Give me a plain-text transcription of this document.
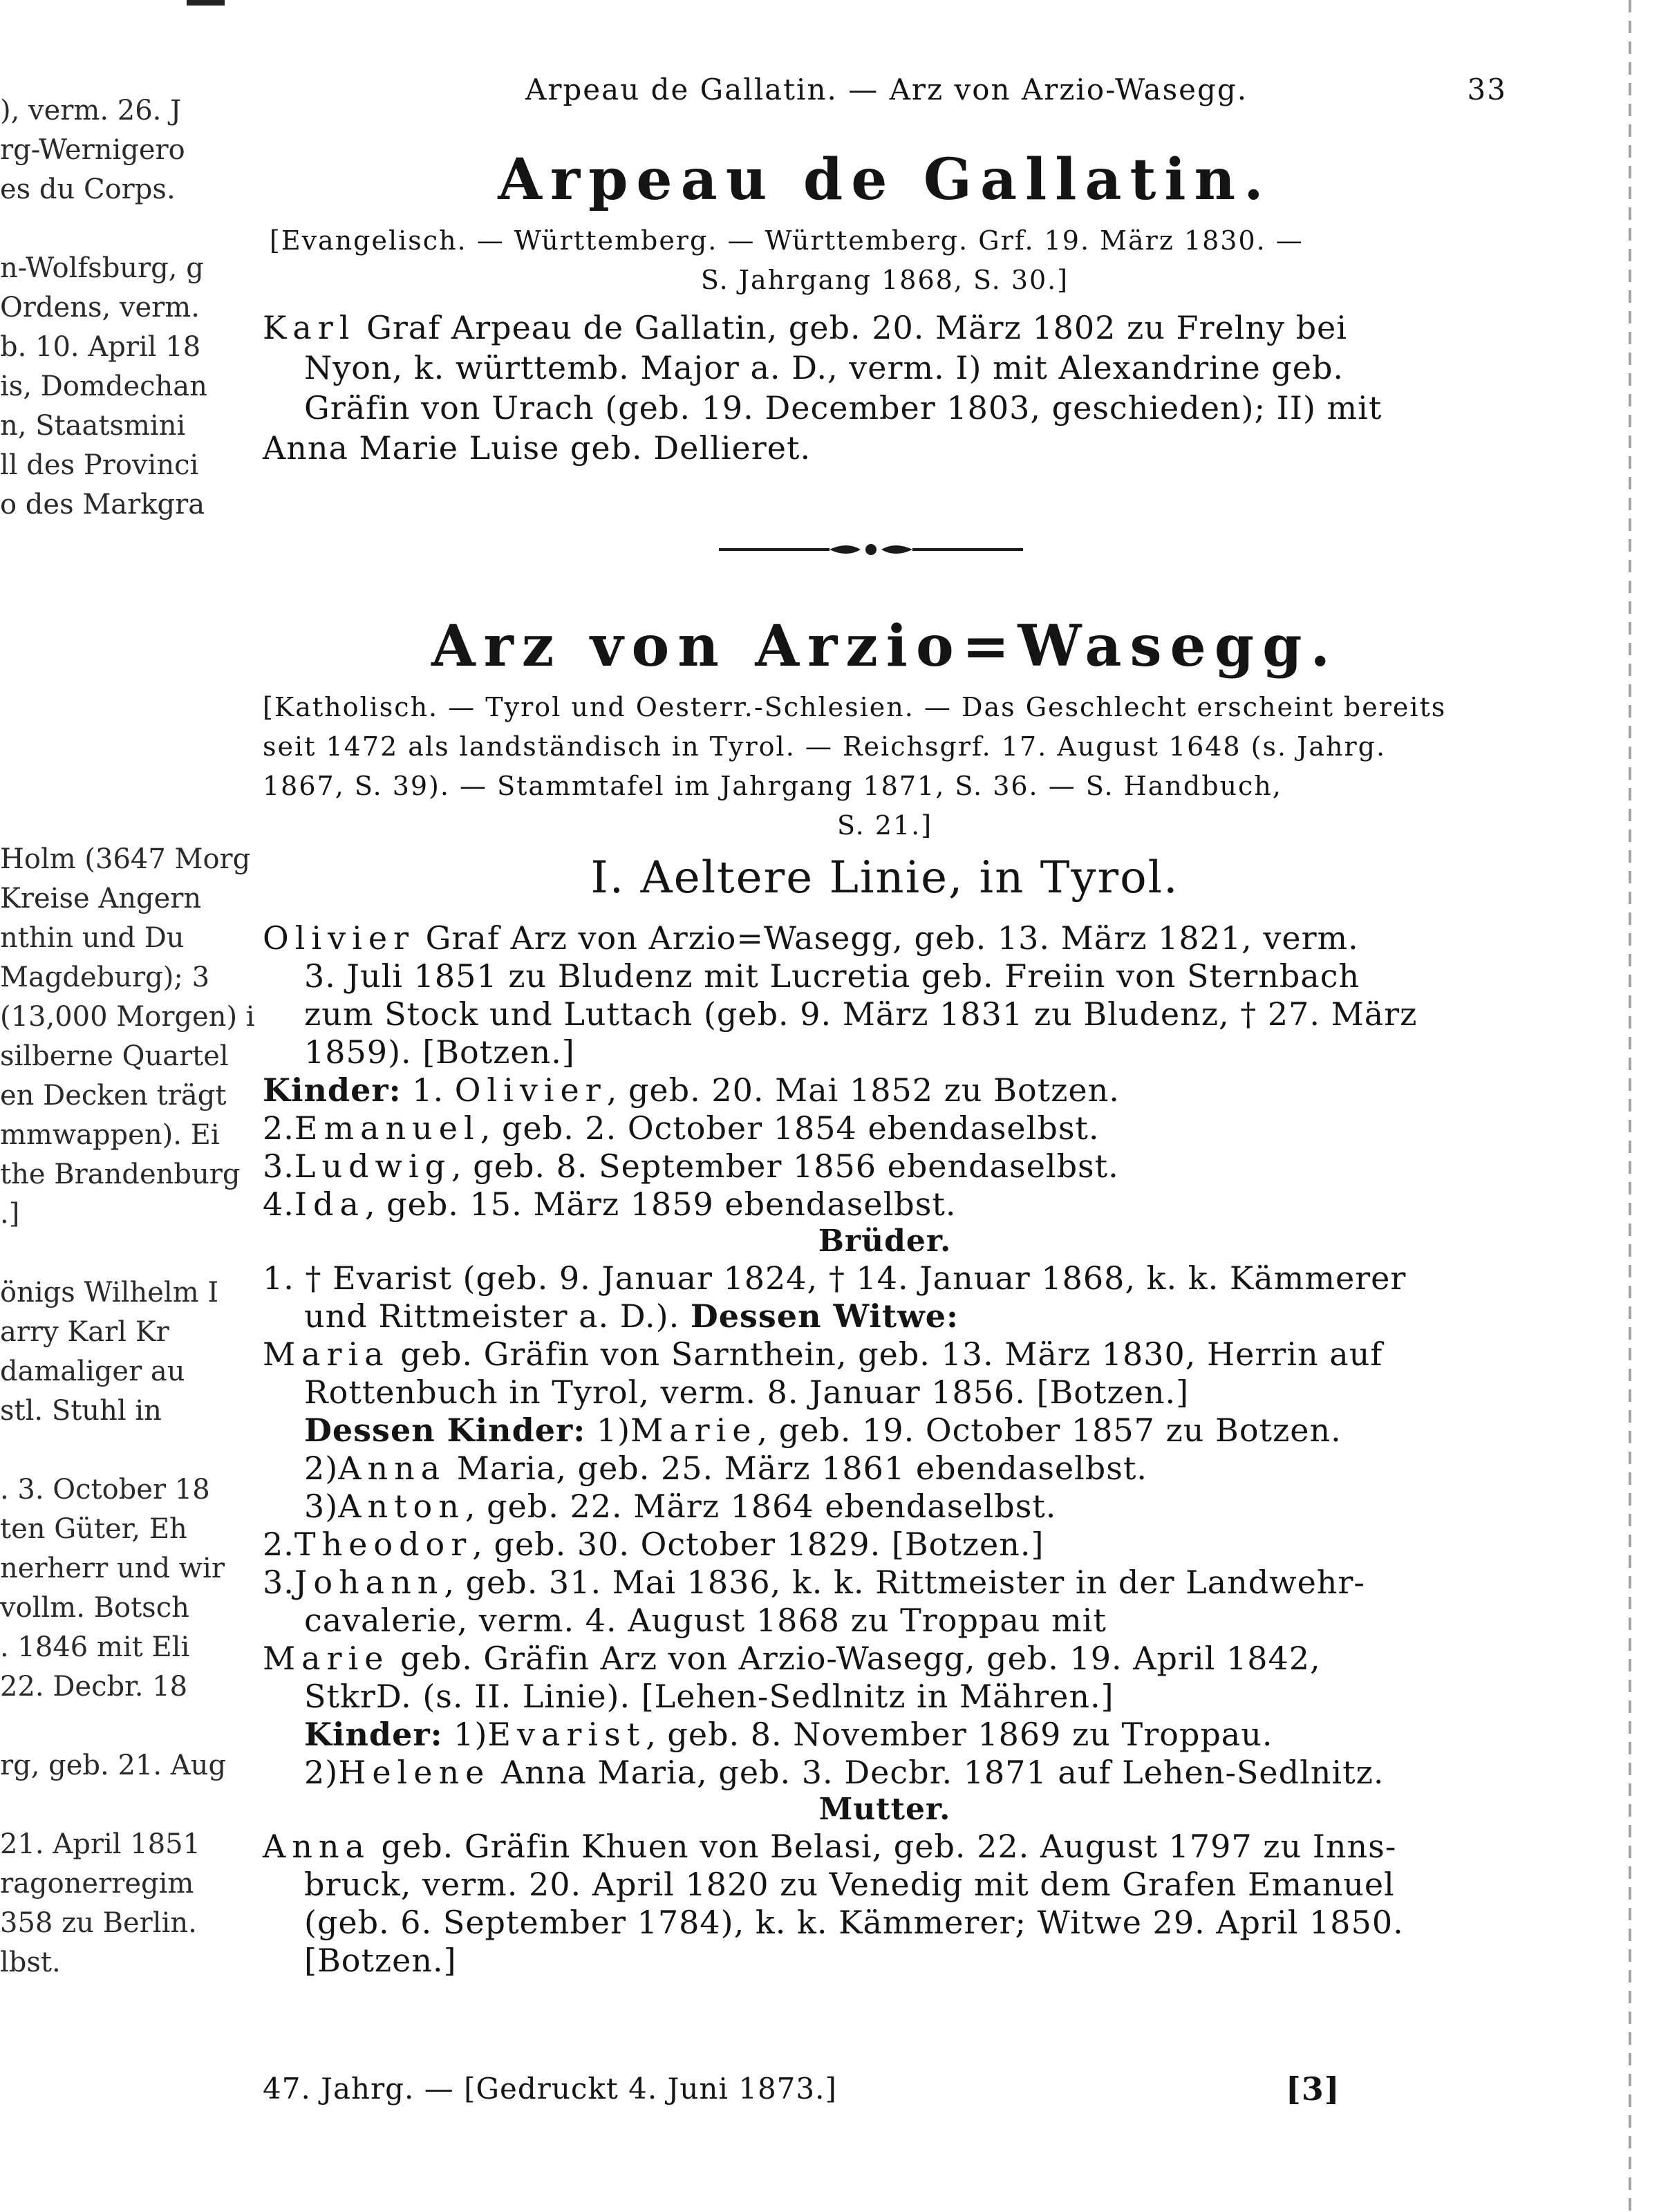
), verm. 26. J
rg-Wernigero
es du Corps.
n-Wolfsburg, g
Ordens, verm.
b. 10. April 18
is, Domdechan
n, Staatsmini
ll des Provinci
o des Markgra
Holm (3647 Morg
Kreise Angern
nthin und Du
Magdeburg); 3
(13,000 Morgen) i
silberne Quartel
en Decken trägt
mmwappen). Ei
the Brandenburg
.]
önigs Wilhelm I
arry Karl Kr
damaliger au
stl. Stuhl in
. 3. October 18
ten Güter, Eh
nerherr und wir
vollm. Botsch
. 1846 mit Eli
22. Decbr. 18
rg, geb. 21. Aug
21. April 1851
ragonerregim
358 zu Berlin.
lbst.
Arpeau de Gallatin. — Arz von Arzio-Wasegg.	33
Arpeau de Gallatin.
[Evangelisch. — Württemberg. — Württemberg. Grf. 19. März 1830. —
S. Jahrgang 1868, S. 30.]
Karl Graf Arpeau de Gallatin, geb. 20. März 1802 zu Frelny bei
Nyon, k. württemb. Major a. D., verm. I) mit Alexandrine geb.
Gräfin von Urach (geb. 19. December 1803, geschieden); II) mit
Anna Marie Luise geb. Dellieret.
Arz von Arzio=Wasegg.
[Katholisch. — Tyrol und Oesterr.-Schlesien. — Das Geschlecht erscheint bereits
seit 1472 als landständisch in Tyrol. — Reichsgrf. 17. August 1648 (s. Jahrg.
1867, S. 39). — Stammtafel im Jahrgang 1871, S. 36. — S. Handbuch,
S. 21.]
I. Aeltere Linie, in Tyrol.
Olivier Graf Arz von Arzio=Wasegg, geb. 13. März 1821, verm.
3. Juli 1851 zu Bludenz mit Lucretia geb. Freiin von Sternbach
zum Stock und Luttach (geb. 9. März 1831 zu Bludenz, † 27. März
1859). [Botzen.]
Kinder: 1. Olivier, geb. 20. Mai 1852 zu Botzen.
2.Emanuel, geb. 2. October 1854 ebendaselbst.
3.Ludwig, geb. 8. September 1856 ebendaselbst.
4.Ida, geb. 15. März 1859 ebendaselbst.
Brüder.
1. † Evarist (geb. 9. Januar 1824, † 14. Januar 1868, k. k. Kämmerer
und Rittmeister a. D.). Dessen Witwe:
Maria geb. Gräfin von Sarnthein, geb. 13. März 1830, Herrin auf
Rottenbuch in Tyrol, verm. 8. Januar 1856. [Botzen.]
Dessen Kinder: 1)Marie, geb. 19. October 1857 zu Botzen.
2)Anna Maria, geb. 25. März 1861 ebendaselbst.
3)Anton, geb. 22. März 1864 ebendaselbst.
2.Theodor, geb. 30. October 1829. [Botzen.]
3.Johann, geb. 31. Mai 1836, k. k. Rittmeister in der Landwehr-
cavalerie, verm. 4. August 1868 zu Troppau mit
Marie geb. Gräfin Arz von Arzio-Wasegg, geb. 19. April 1842,
StkrD. (s. II. Linie). [Lehen-Sedlnitz in Mähren.]
Kinder: 1)Evarist, geb. 8. November 1869 zu Troppau.
2)Helene Anna Maria, geb. 3. Decbr. 1871 auf Lehen-Sedlnitz.
Mutter.
Anna geb. Gräfin Khuen von Belasi, geb. 22. August 1797 zu Inns-
bruck, verm. 20. April 1820 zu Venedig mit dem Grafen Emanuel
(geb. 6. September 1784), k. k. Kämmerer; Witwe 29. April 1850.
[Botzen.]
47. Jahrg. — [Gedruckt 4. Juni 1873.]	[3]
